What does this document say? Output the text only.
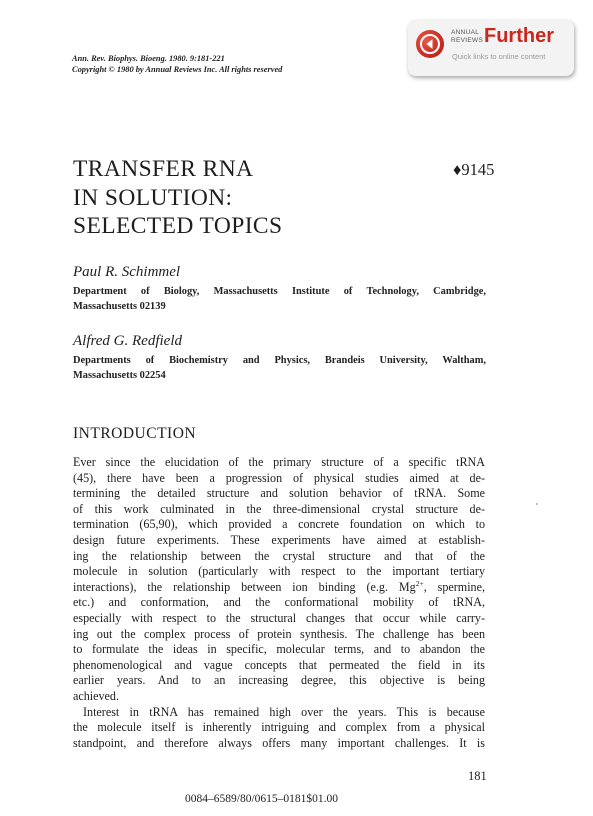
Ann. Rev. Biophys. Bioeng. 1980. 9:181-221
Copyright © 1980 by Annual Reviews Inc. All rights reserved
ANNUAL
REVIEWS Further
Quick links to online content
TRANSFER RNA
IN SOLUTION:
SELECTED TOPICS
♦9145
Paul R. Schimmel
Department of Biology, Massachusetts Institute of Technology, Cambridge,
Massachusetts 02139
Alfred G. Redfield
Departments of Biochemistry and Physics, Brandeis University, Waltham,
Massachusetts 02254
INTRODUCTION
Ever since the elucidation of the primary structure of a specific tRNA
(45), there have been a progression of physical studies aimed at de-
termining the detailed structure and solution behavior of tRNA. Some
of this work culminated in the three-dimensional crystal structure de-
termination (65,90), which provided a concrete foundation on which to
design future experiments. These experiments have aimed at establish-
ing the relationship between the crystal structure and that of the
molecule in solution (particularly with respect to the important tertiary
interactions), the relationship between ion binding (e.g. $Mg^{2+}$, spermine,
etc.) and conformation, and the conformational mobility of tRNA,
especially with respect to the structural changes that occur while carry-
ing out the complex process of protein synthesis. The challenge has been
to formulate the ideas in specific, molecular terms, and to abandon the
phenomenological and vague concepts that permeated the field in its
earlier years. And to an increasing degree, this objective is being
achieved.
Interest in tRNA has remained high over the years. This is because
the molecule itself is inherently intriguing and complex from a physical
standpoint, and therefore always offers many important challenges. It is
181
0084–6589/80/0615–0181$01.00
